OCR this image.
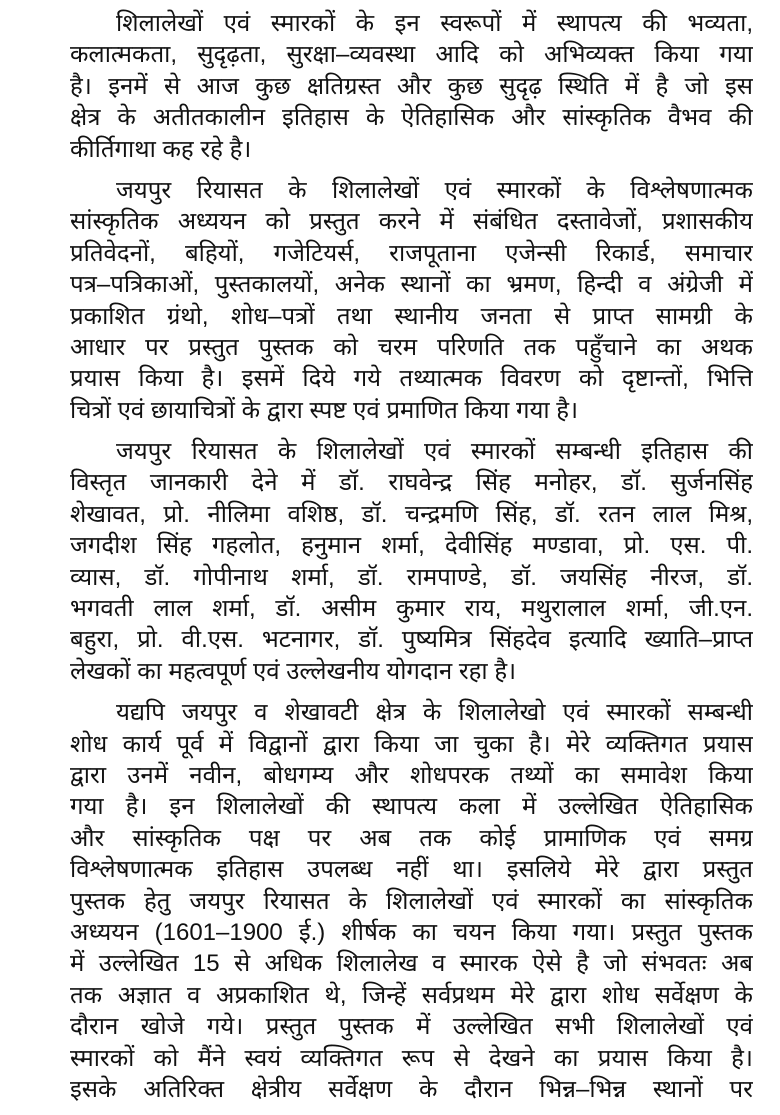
शिलालेखों एवं स्मारकों के इन स्वरूपों में स्थापत्य की भव्यता,
कलात्मकता, सुदृढ़ता, सुरक्षा–व्यवस्था आदि को अभिव्यक्त किया गया
है। इनमें से आज कुछ क्षतिग्रस्त और कुछ सुदृढ़ स्थिति में है जो इस
क्षेत्र के अतीतकालीन इतिहास के ऐतिहासिक और सांस्कृतिक वैभव की
कीर्तिगाथा कह रहे है।
जयपुर रियासत के शिलालेखों एवं स्मारकों के विश्लेषणात्मक
सांस्कृतिक अध्ययन को प्रस्तुत करने में संबंधित दस्तावेजों, प्रशासकीय
प्रतिवेदनों, बहियों, गजेटियर्स, राजपूताना एजेन्सी रिकार्ड, समाचार
पत्र–पत्रिकाओं, पुस्तकालयों, अनेक स्थानों का भ्रमण, हिन्दी व अंग्रेजी में
प्रकाशित ग्रंथो, शोध–पत्रों तथा स्थानीय जनता से प्राप्त सामग्री के
आधार पर प्रस्तुत पुस्तक को चरम परिणति तक पहुँचाने का अथक
प्रयास किया है। इसमें दिये गये तथ्यात्मक विवरण को दृष्टान्तों, भित्ति
चित्रों एवं छायाचित्रों के द्वारा स्पष्ट एवं प्रमाणित किया गया है।
जयपुर रियासत के शिलालेखों एवं स्मारकों सम्बन्धी इतिहास की
विस्तृत जानकारी देने में डॉ. राघवेन्द्र सिंह मनोहर, डॉ. सुर्जनसिंह
शेखावत, प्रो. नीलिमा वशिष्ठ, डॉ. चन्द्रमणि सिंह, डॉ. रतन लाल मिश्र,
जगदीश सिंह गहलोत, हनुमान शर्मा, देवीसिंह मण्डावा, प्रो. एस. पी.
व्यास, डॉ. गोपीनाथ शर्मा, डॉ. रामपाण्डे, डॉ. जयसिंह नीरज, डॉ.
भगवती लाल शर्मा, डॉ. असीम कुमार राय, मथुरालाल शर्मा, जी.एन.
बहुरा, प्रो. वी.एस. भटनागर, डॉ. पुष्यमित्र सिंहदेव इत्यादि ख्याति–प्राप्त
लेखकों का महत्वपूर्ण एवं उल्लेखनीय योगदान रहा है।
यद्यपि जयपुर व शेखावटी क्षेत्र के शिलालेखो एवं स्मारकों सम्बन्धी
शोध कार्य पूर्व में विद्वानों द्वारा किया जा चुका है। मेरे व्यक्तिगत प्रयास
द्वारा उनमें नवीन, बोधगम्य और शोधपरक तथ्यों का समावेश किया
गया है। इन शिलालेखों की स्थापत्य कला में उल्लेखित ऐतिहासिक
और सांस्कृतिक पक्ष पर अब तक कोई प्रामाणिक एवं समग्र
विश्लेषणात्मक इतिहास उपलब्ध नहीं था। इसलिये मेरे द्वारा प्रस्तुत
पुस्तक हेतु जयपुर रियासत के शिलालेखों एवं स्मारकों का सांस्कृतिक
अध्ययन (1601–1900 ई.) शीर्षक का चयन किया गया। प्रस्तुत पुस्तक
में उल्लेखित 15 से अधिक शिलालेख व स्मारक ऐसे है जो संभवतः अब
तक अज्ञात व अप्रकाशित थे, जिन्हें सर्वप्रथम मेरे द्वारा शोध सर्वेक्षण के
दौरान खोजे गये। प्रस्तुत पुस्तक में उल्लेखित सभी शिलालेखों एवं
स्मारकों को मैंने स्वयं व्यक्तिगत रूप से देखने का प्रयास किया है।
इसके अतिरिक्त क्षेत्रीय सर्वेक्षण के दौरान भिन्न–भिन्न स्थानों पर
